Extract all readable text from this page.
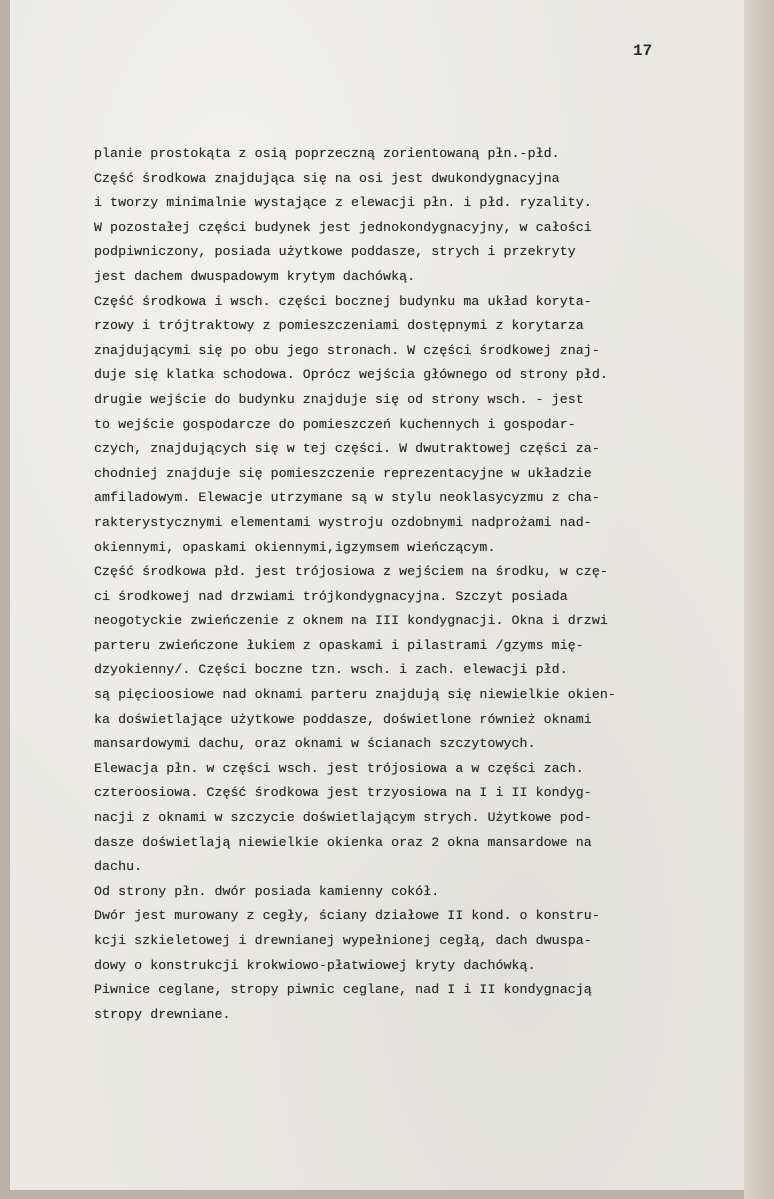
17
planie prostokąta z osią poprzeczną zorientowaną płn.-płd.
Część środkowa znajdująca się na osi jest dwukondygnacyjna
i tworzy minimalnie wystające z elewacji płn. i płd. ryzality.
W pozostałej części budynek jest jednokondygnacyjny, w całości
podpiwniczony, posiada użytkowe poddasze, strych i przekryty
jest dachem dwuspadowym krytym dachówką.
Część środkowa i wsch. części bocznej budynku ma układ koryta-
rzowy i trójtraktowy z pomieszczeniami dostępnymi z korytarza
znajdującymi się po obu jego stronach. W części środkowej znaj-
duje się klatka schodowa. Oprócz wejścia głównego od strony płd.
drugie wejście do budynku znajduje się od strony wsch. - jest
to wejście gospodarcze do pomieszczeń kuchennych i gospodar-
czych, znajdujących się w tej części. W dwutraktowej części za-
chodniej znajduje się pomieszczenie reprezentacyjne w układzie
amfiladowym. Elewacje utrzymane są w stylu neoklasycyzmu z cha-
rakterystycznymi elementami wystroju ozdobnymi nadprożami nad-
okiennymi, opaskami okiennymi,igzymsem wieńczącym.
Część środkowa płd. jest trójosiowa z wejściem na środku, w czę-
ci środkowej nad drzwiami trójkondygnacyjna. Szczyt posiada
neogotyckie zwieńczenie z oknem na III kondygnacji. Okna i drzwi
parteru zwieńczone łukiem z opaskami i pilastrami /gzyms mię-
dzyokienny/. Części boczne tzn. wsch. i zach. elewacji płd.
są pięcioosiowe nad oknami parteru znajdują się niewielkie okien-
ka doświetlające użytkowe poddasze, doświetlone również oknami
mansardowymi dachu, oraz oknami w ścianach szczytowych.
Elewacja płn. w części wsch. jest trójosiowa a w części zach.
czteroosiowa. Część środkowa jest trzyosiowa na I i II kondyg-
nacji z oknami w szczycie doświetlającym strych. Użytkowe pod-
dasze doświetlają niewielkie okienka oraz 2 okna mansardowe na
dachu.
Od strony płn. dwór posiada kamienny cokół.
Dwór jest murowany z cegły, ściany działowe II kond. o konstru-
kcji szkieletowej i drewnianej wypełnionej cegłą, dach dwuspa-
dowy o konstrukcji krokwiowo-płatwiowej kryty dachówką.
Piwnice ceglane, stropy piwnic ceglane, nad I i II kondygnacją
stropy drewniane.
